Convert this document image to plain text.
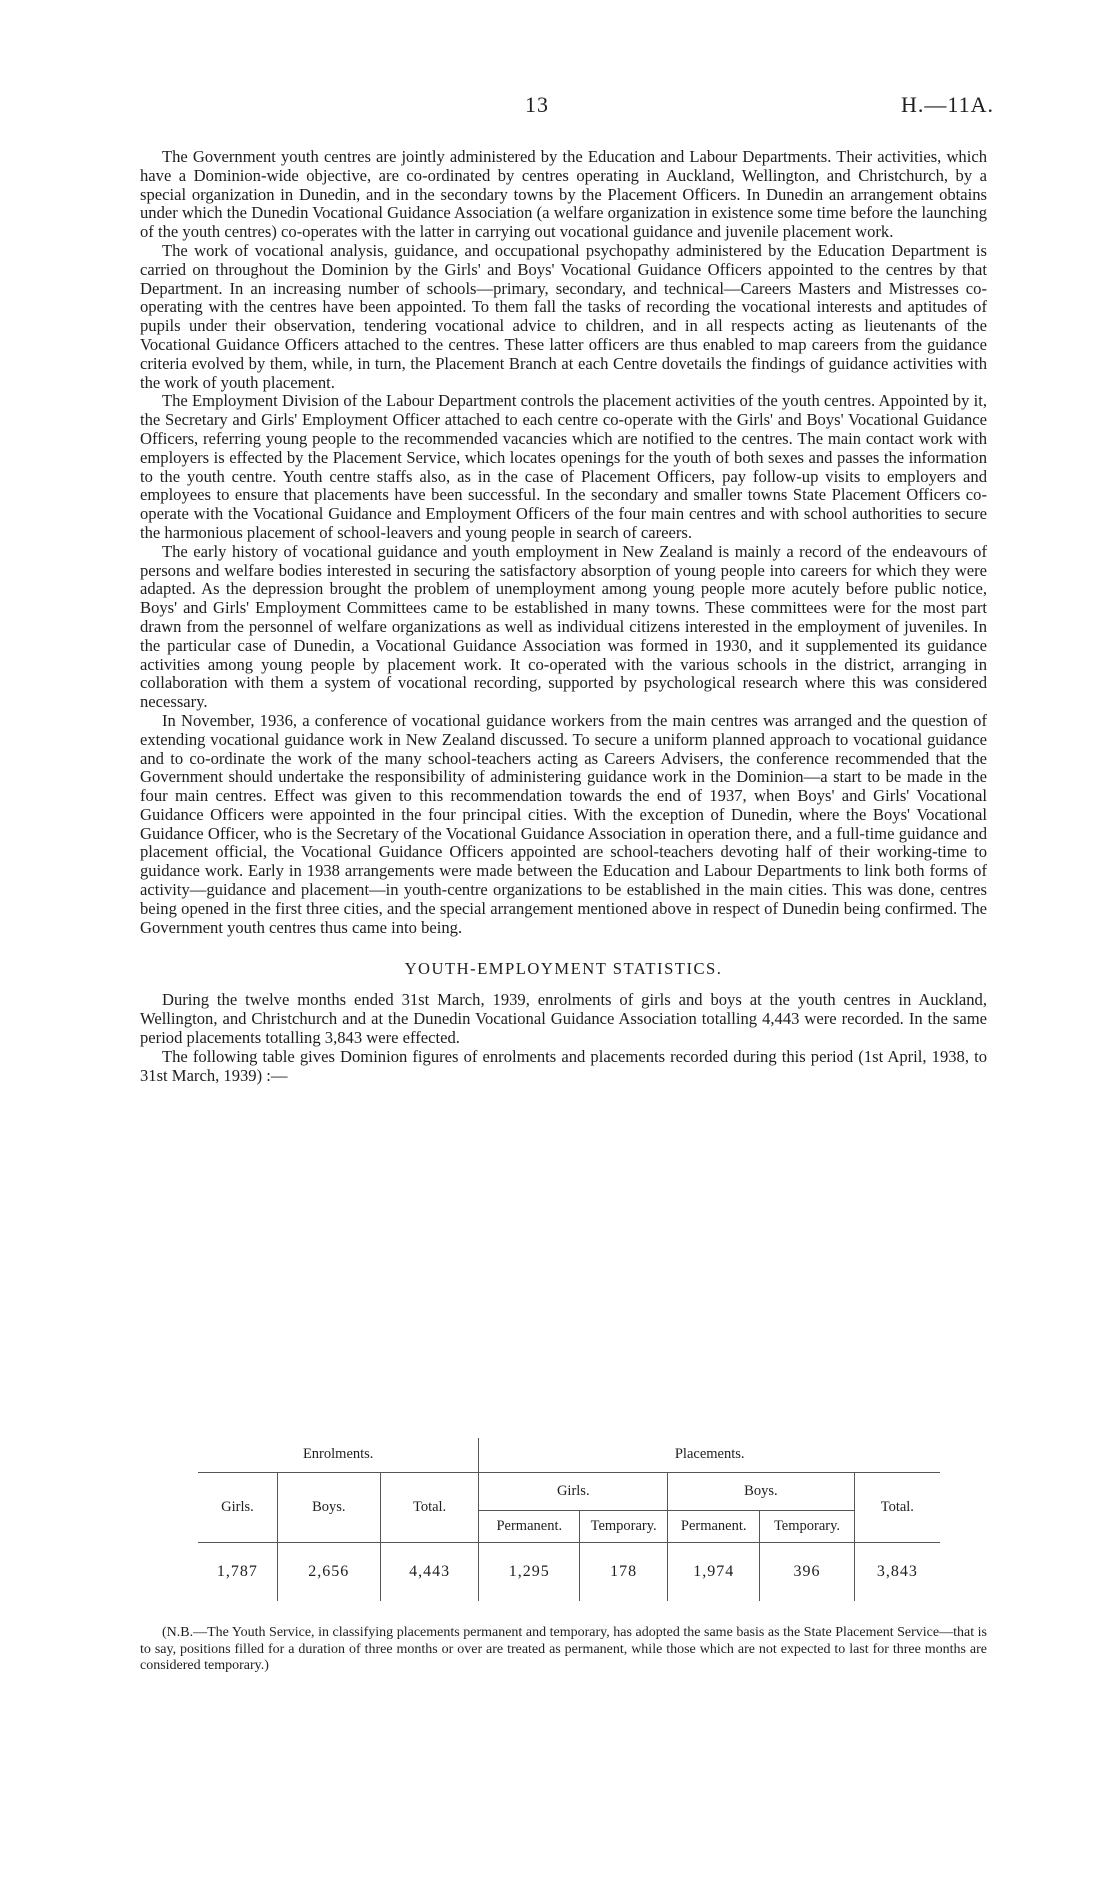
13	H.—11A.

The Government youth centres are jointly administered by the Education and Labour Departments. Their activities, which have a Dominion-wide objective, are co-ordinated by centres operating in Auckland, Wellington, and Christchurch, by a special organization in Dunedin, and in the secondary towns by the Placement Officers. In Dunedin an arrangement obtains under which the Dunedin Vocational Guidance Association (a welfare organization in existence some time before the launching of the youth centres) co-operates with the latter in carrying out vocational guidance and juvenile placement work.

The work of vocational analysis, guidance, and occupational psychopathy administered by the Education Department is carried on throughout the Dominion by the Girls' and Boys' Vocational Guidance Officers appointed to the centres by that Department. In an increasing number of schools—primary, secondary, and technical—Careers Masters and Mistresses co-operating with the centres have been appointed. To them fall the tasks of recording the vocational interests and aptitudes of pupils under their observation, tendering vocational advice to children, and in all respects acting as lieutenants of the Vocational Guidance Officers attached to the centres. These latter officers are thus enabled to map careers from the guidance criteria evolved by them, while, in turn, the Placement Branch at each Centre dovetails the findings of guidance activities with the work of youth placement.

The Employment Division of the Labour Department controls the placement activities of the youth centres. Appointed by it, the Secretary and Girls' Employment Officer attached to each centre co-operate with the Girls' and Boys' Vocational Guidance Officers, referring young people to the recommended vacancies which are notified to the centres. The main contact work with employers is effected by the Placement Service, which locates openings for the youth of both sexes and passes the information to the youth centre. Youth centre staffs also, as in the case of Placement Officers, pay follow-up visits to employers and employees to ensure that placements have been successful. In the secondary and smaller towns State Placement Officers co-operate with the Vocational Guidance and Employment Officers of the four main centres and with school authorities to secure the harmonious placement of school-leavers and young people in search of careers.

The early history of vocational guidance and youth employment in New Zealand is mainly a record of the endeavours of persons and welfare bodies interested in securing the satisfactory absorption of young people into careers for which they were adapted. As the depression brought the problem of unemployment among young people more acutely before public notice, Boys' and Girls' Employment Committees came to be established in many towns. These committees were for the most part drawn from the personnel of welfare organizations as well as individual citizens interested in the employment of juveniles. In the particular case of Dunedin, a Vocational Guidance Association was formed in 1930, and it supplemented its guidance activities among young people by placement work. It co-operated with the various schools in the district, arranging in collaboration with them a system of vocational recording, supported by psychological research where this was considered necessary.

In November, 1936, a conference of vocational guidance workers from the main centres was arranged and the question of extending vocational guidance work in New Zealand discussed. To secure a uniform planned approach to vocational guidance and to co-ordinate the work of the many school-teachers acting as Careers Advisers, the conference recommended that the Government should undertake the responsibility of administering guidance work in the Dominion—a start to be made in the four main centres. Effect was given to this recommendation towards the end of 1937, when Boys' and Girls' Vocational Guidance Officers were appointed in the four principal cities. With the exception of Dunedin, where the Boys' Vocational Guidance Officer, who is the Secretary of the Vocational Guidance Association in operation there, and a full-time guidance and placement official, the Vocational Guidance Officers appointed are school-teachers devoting half of their working-time to guidance work. Early in 1938 arrangements were made between the Education and Labour Departments to link both forms of activity—guidance and placement—in youth-centre organizations to be established in the main cities. This was done, centres being opened in the first three cities, and the special arrangement mentioned above in respect of Dunedin being confirmed. The Government youth centres thus came into being.

YOUTH-EMPLOYMENT STATISTICS.

During the twelve months ended 31st March, 1939, enrolments of girls and boys at the youth centres in Auckland, Wellington, and Christchurch and at the Dunedin Vocational Guidance Association totalling 4,443 were recorded. In the same period placements totalling 3,843 were effected.

The following table gives Dominion figures of enrolments and placements recorded during this period (1st April, 1938, to 31st March, 1939) :—

Enrolments.			Placements.				
Girls.	Boys.	Total.	Girls.		Boys.		Total.
			Permanent.	Temporary.	Permanent.	Temporary.	
1,787	2,656	4,443	1,295	178	1,974	396	3,843

(N.B.—The Youth Service, in classifying placements permanent and temporary, has adopted the same basis as the State Placement Service—that is to say, positions filled for a duration of three months or over are treated as permanent, while those which are not expected to last for three months are considered temporary.)
